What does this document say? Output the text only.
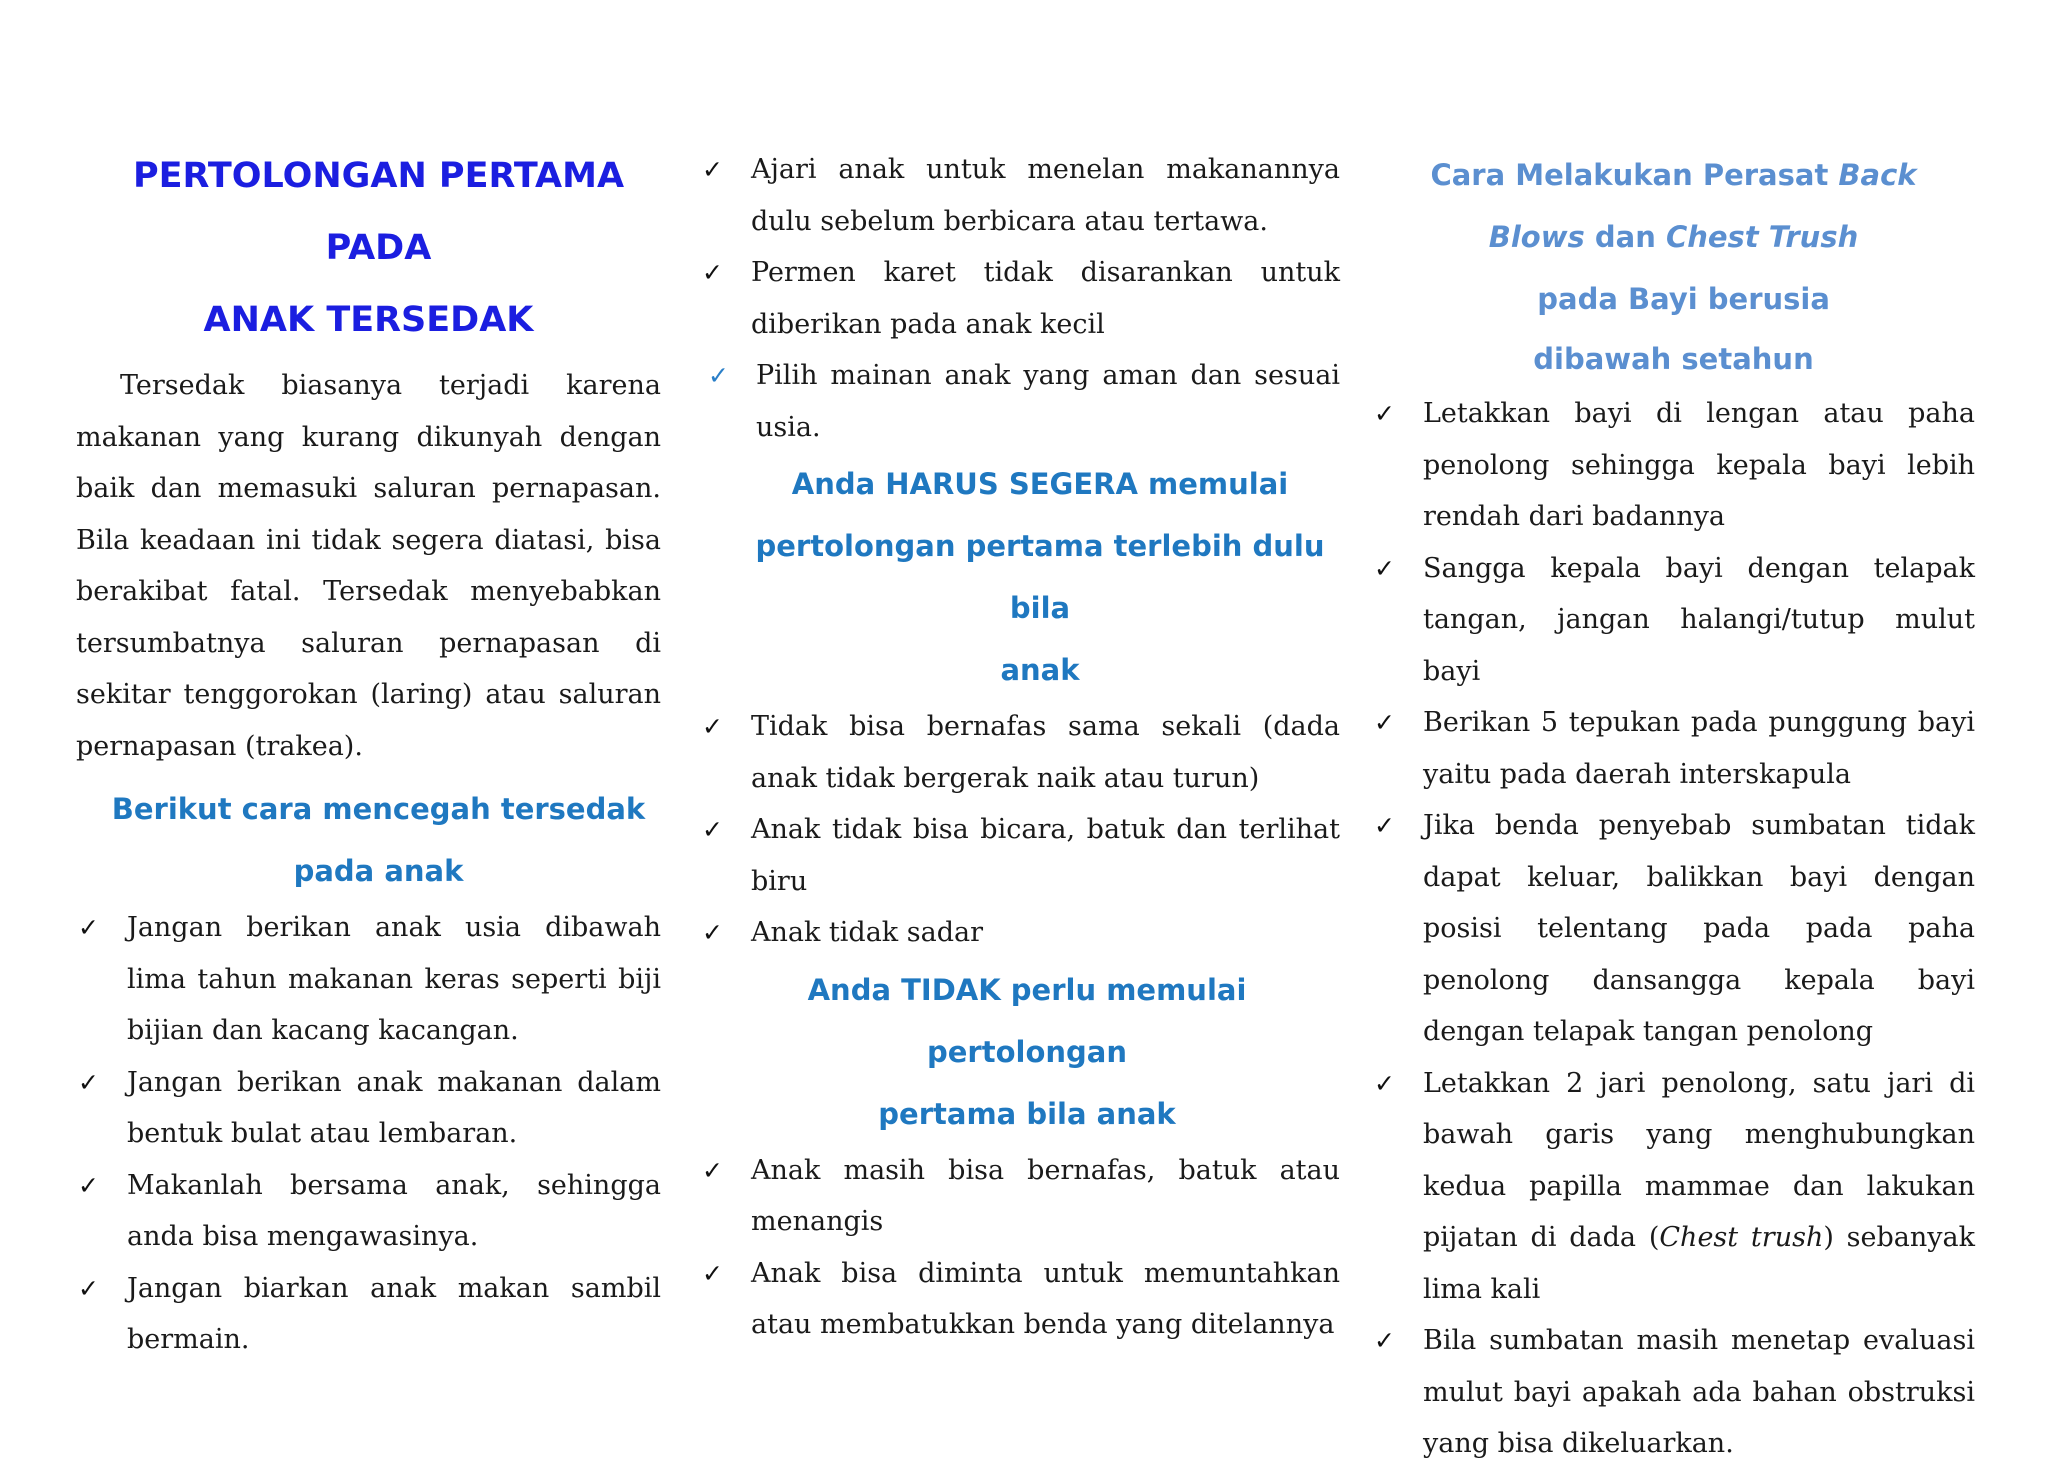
PERTOLONGAN PERTAMA PADA

ANAK TERSEDAK

Tersedak biasanya terjadi karena makanan yang kurang dikunyah dengan baik dan memasuki saluran pernapasan. Bila keadaan ini tidak segera diatasi, bisa berakibat fatal. Tersedak menyebabkan tersumbatnya saluran pernapasan di sekitar tenggorokan (laring) atau saluran pernapasan (trakea).

Berikut cara mencegah tersedak

pada anak

✓ Jangan berikan anak usia dibawah lima tahun makanan keras seperti biji bijian dan kacang kacangan.
✓ Jangan berikan anak makanan dalam bentuk bulat atau lembaran.
✓ Makanlah bersama anak, sehingga anda bisa mengawasinya.
✓ Jangan biarkan anak makan sambil bermain.
✓ Ajari anak untuk menelan makanannya dulu sebelum berbicara atau tertawa.
✓ Permen karet tidak disarankan untuk diberikan pada anak kecil
✓ Pilih mainan anak yang aman dan sesuai usia.

Anda HARUS SEGERA memulai

pertolongan pertama terlebih dulu bila

anak

✓ Tidak bisa bernafas sama sekali (dada anak tidak bergerak naik atau turun)
✓ Anak tidak bisa bicara, batuk dan terlihat biru
✓ Anak tidak sadar

Anda TIDAK perlu memulai pertolongan

pertama bila anak

✓ Anak masih bisa bernafas, batuk atau menangis
✓ Anak bisa diminta untuk memuntahkan atau membatukkan benda yang ditelannya

Cara Melakukan Perasat Back

Blows dan Chest Trush  pada Bayi berusia

dibawah setahun

✓ Letakkan bayi di lengan atau paha penolong sehingga kepala bayi lebih rendah dari badannya
✓ Sangga kepala bayi dengan telapak tangan, jangan halangi/tutup mulut bayi
✓ Berikan 5 tepukan pada punggung bayi yaitu pada daerah interskapula
✓ Jika benda penyebab sumbatan tidak dapat keluar, balikkan bayi dengan posisi telentang pada pada paha penolong dansangga kepala bayi dengan telapak tangan penolong
✓ Letakkan 2 jari penolong, satu jari di bawah garis yang menghubungkan kedua papilla mammae dan lakukan pijatan di dada (Chest trush) sebanyak lima kali
✓ Bila sumbatan masih menetap evaluasi mulut bayi apakah ada bahan obstruksi yang bisa dikeluarkan.
